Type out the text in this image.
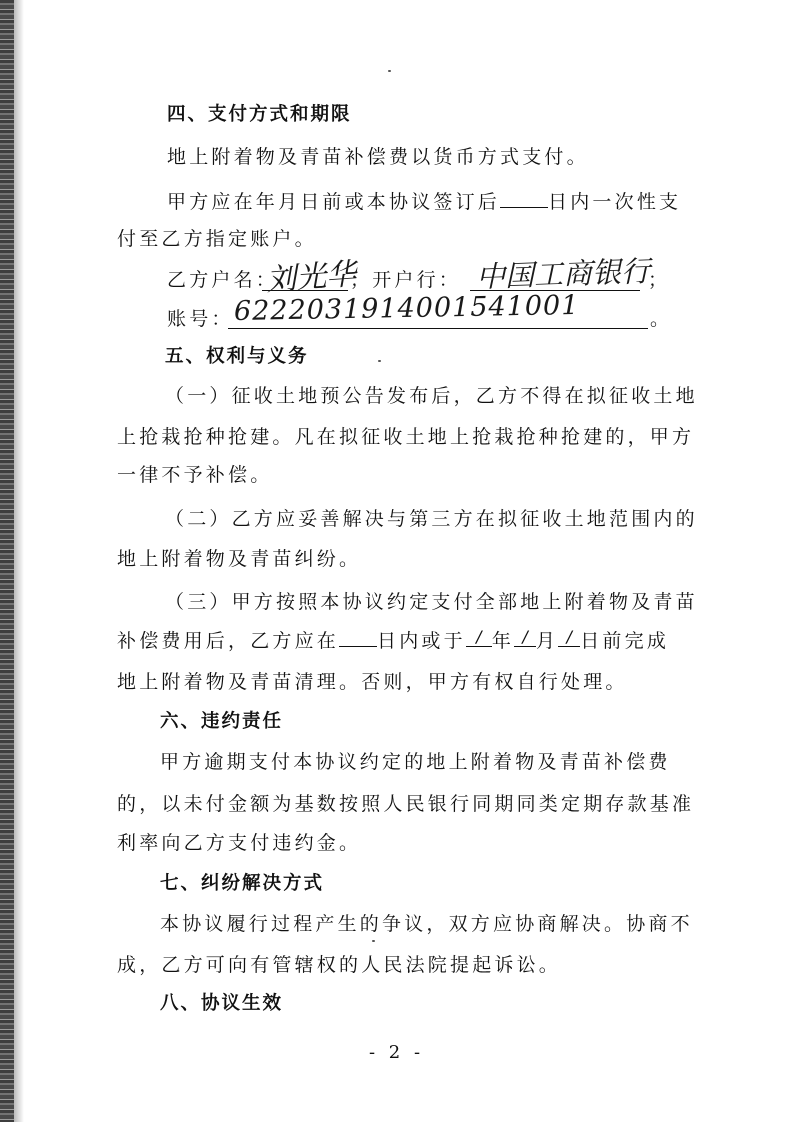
四、支付方式和期限
地上附着物及青苗补偿费以货币方式支付。
甲方应在年月日前或本协议签订后	日内一次性支
付至乙方指定账户。
乙方户名：
刘光华
；开户行： 中国工商银行
；
账号： 6222031914001541001	。
五、权利与义务
（一）征收土地预公告发布后，乙方不得在拟征收土地
上抢栽抢种抢建。凡在拟征收土地上抢栽抢种抢建的，甲方
一律不予补偿。
（二）乙方应妥善解决与第三方在拟征收土地范围内的
地上附着物及青苗纠纷。
（三）甲方按照本协议约定支付全部地上附着物及青苗
补偿费用后，乙方应在 日内或于 / 年 / 月 / 日前完成
地上附着物及青苗清理。否则，甲方有权自行处理。
六、违约责任
甲方逾期支付本协议约定的地上附着物及青苗补偿费
的，以未付金额为基数按照人民银行同期同类定期存款基准
利率向乙方支付违约金。
七、纠纷解决方式
本协议履行过程产生的争议，双方应协商解决。协商不
成，乙方可向有管辖权的人民法院提起诉讼。
八、协议生效
- 2 -
